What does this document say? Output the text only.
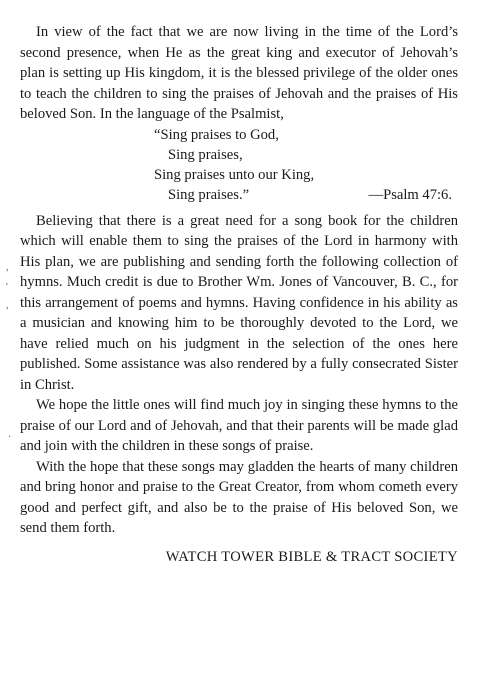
In view of the fact that we are now living in the time of the Lord’s second presence, when He as the great king and executor of Jehovah’s plan is setting up His kingdom, it is the blessed privilege of the older ones to teach the children to sing the praises of Jehovah and the praises of His beloved Son. In the language of the Psalmist,

“Sing praises to God,
Sing praises,
Sing praises unto our King,
Sing praises.”	—Psalm 47:6.

Believing that there is a great need for a song book for the children which will enable them to sing the praises of the Lord in harmony with His plan, we are publishing and sending forth the following collection of hymns. Much credit is due to Brother Wm. Jones of Vancouver, B. C., for this arrangement of poems and hymns. Having confidence in his ability as a musician and knowing him to be thoroughly devoted to the Lord, we have relied much on his judgment in the selection of the ones here published. Some assistance was also rendered by a fully consecrated Sister in Christ.

We hope the little ones will find much joy in singing these hymns to the praise of our Lord and of Jehovah, and that their parents will be made glad and join with the children in these songs of praise.

With the hope that these songs may gladden the hearts of many children and bring honor and praise to the Great Creator, from whom cometh every good and perfect gift, and also be to the praise of His beloved Son, we send them forth.

WATCH TOWER BIBLE & TRACT SOCIETY
,
'
,
·
